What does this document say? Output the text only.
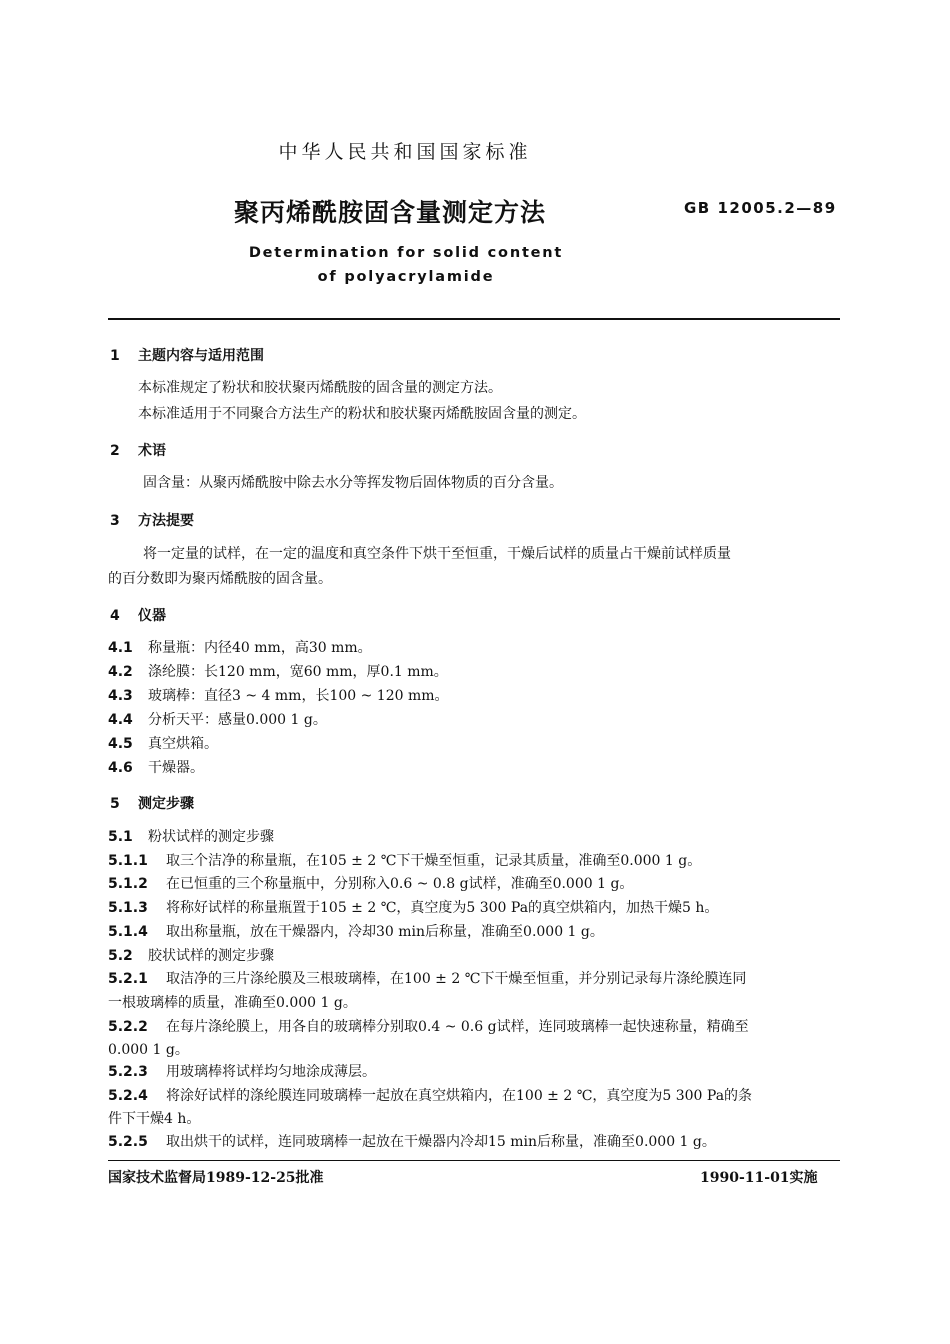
中华人民共和国国家标准
聚丙烯酰胺固含量测定方法	GB 12005.2—89
Determination for solid content
of polyacrylamide
1 主题内容与适用范围
本标准规定了粉状和胶状聚丙烯酰胺的固含量的测定方法。
本标准适用于不同聚合方法生产的粉状和胶状聚丙烯酰胺固含量的测定。
2 术语
固含量：从聚丙烯酰胺中除去水分等挥发物后固体物质的百分含量。
3 方法提要
将一定量的试样，在一定的温度和真空条件下烘干至恒重，干燥后试样的质量占干燥前试样质量
的百分数即为聚丙烯酰胺的固含量。
4 仪器
4.1 称量瓶：内径40 mm，高30 mm。
4.2 涤纶膜：长120 mm，宽60 mm，厚0.1 mm。
4.3 玻璃棒：直径3 ~ 4 mm，长100 ~ 120 mm。
4.4 分析天平：感量0.000 1 g。
4.5 真空烘箱。
4.6 干燥器。
5 测定步骤
5.1 粉状试样的测定步骤
5.1.1 取三个洁净的称量瓶，在105 ± 2 ℃下干燥至恒重，记录其质量，准确至0.000 1 g。
5.1.2 在已恒重的三个称量瓶中，分别称入0.6 ~ 0.8 g试样，准确至0.000 1 g。
5.1.3 将称好试样的称量瓶置于105 ± 2 ℃，真空度为5 300 Pa的真空烘箱内，加热干燥5 h。
5.1.4 取出称量瓶，放在干燥器内，冷却30 min后称量，准确至0.000 1 g。
5.2 胶状试样的测定步骤
5.2.1 取洁净的三片涤纶膜及三根玻璃棒，在100 ± 2 ℃下干燥至恒重，并分别记录每片涤纶膜连同
一根玻璃棒的质量，准确至0.000 1 g。
5.2.2 在每片涤纶膜上，用各自的玻璃棒分别取0.4 ~ 0.6 g试样，连同玻璃棒一起快速称量，精确至
0.000 1 g。
5.2.3 用玻璃棒将试样均匀地涂成薄层。
5.2.4 将涂好试样的涤纶膜连同玻璃棒一起放在真空烘箱内，在100 ± 2 ℃，真空度为5 300 Pa的条
件下干燥4 h。
5.2.5 取出烘干的试样，连同玻璃棒一起放在干燥器内冷却15 min后称量，准确至0.000 1 g。
国家技术监督局1989-12-25批准	1990-11-01实施
